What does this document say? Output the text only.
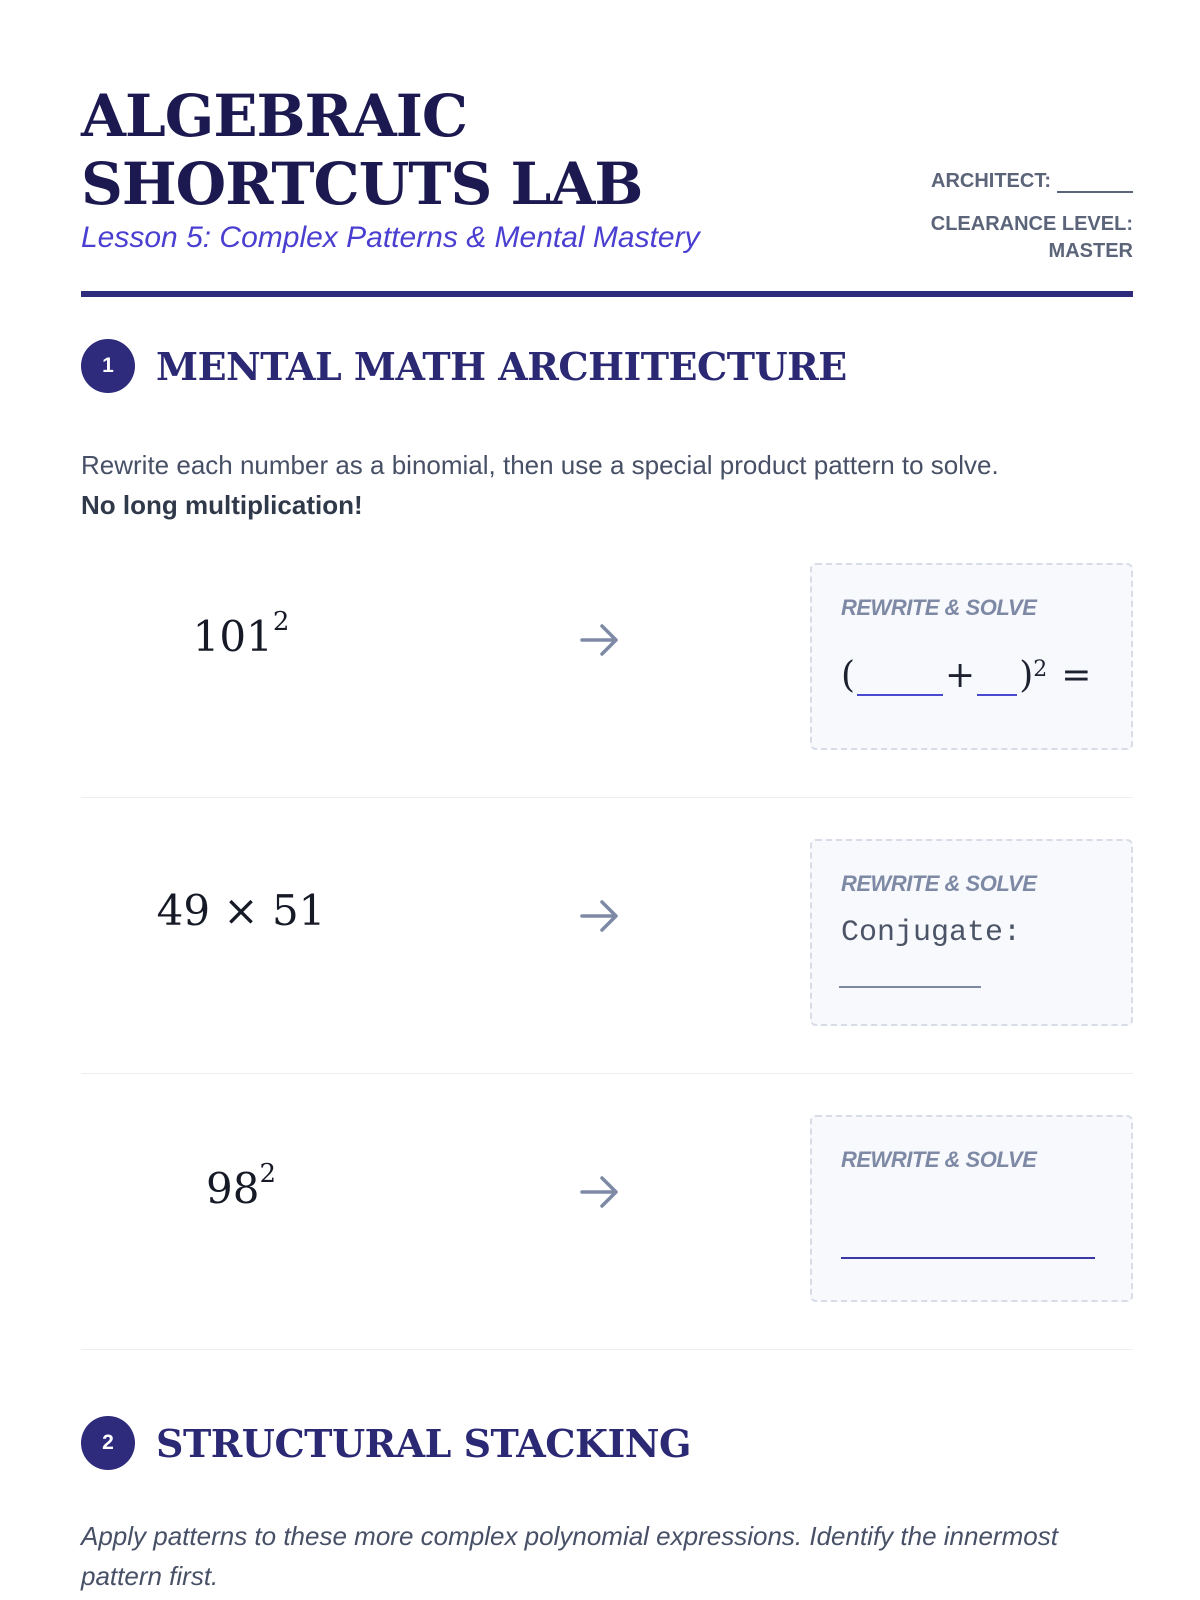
ALGEBRAIC SHORTCUTS LAB

Lesson 5: Complex Patterns & Mental Mastery

ARCHITECT:
CLEARANCE LEVEL:
MASTER
1	MENTAL MATH ARCHITECTURE
Rewrite each number as a binomial, then use a special product pattern to solve.
No long multiplication!
$101^2$	REWRITE & SOLVE
(	+ )$^2$ =
49 × 51
REWRITE & SOLVE
Conjugate:
$98^2$	REWRITE & SOLVE
2	STRUCTURAL STACKING
Apply patterns to these more complex polynomial expressions. Identify the innermost pattern first.
